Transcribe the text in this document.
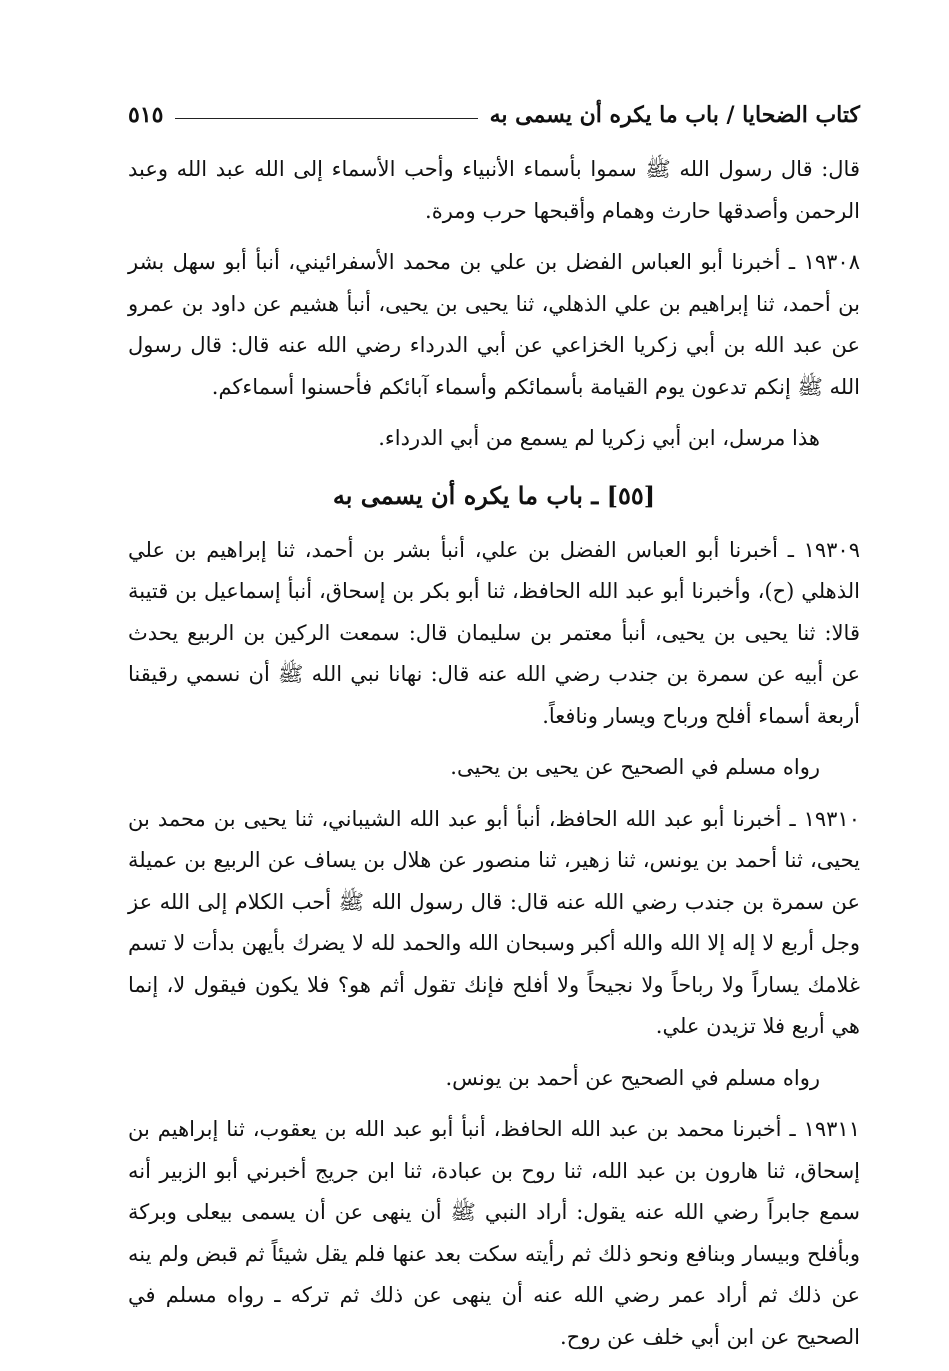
كتاب الضحايا / باب ما يكره أن يسمى به
٥١٥

قال: قال رسول الله ﷺ سموا بأسماء الأنبياء وأحب الأسماء إلى الله عبد الله وعبد الرحمن وأصدقها حارث وهمام وأقبحها حرب ومرة.

١٩٣٠٨ ـ أخبرنا أبو العباس الفضل بن علي بن محمد الأسفرائيني، أنبأ أبو سهل بشر بن أحمد، ثنا إبراهيم بن علي الذهلي، ثنا يحيى بن يحيى، أنبأ هشيم عن داود بن عمرو عن عبد الله بن أبي زكريا الخزاعي عن أبي الدرداء رضي الله عنه قال: قال رسول الله ﷺ إنكم تدعون يوم القيامة بأسمائكم وأسماء آبائكم فأحسنوا أسماءكم.

هذا مرسل، ابن أبي زكريا لم يسمع من أبي الدرداء.

[٥٥] ـ باب ما يكره أن يسمى به

١٩٣٠٩ ـ أخبرنا أبو العباس الفضل بن علي، أنبأ بشر بن أحمد، ثنا إبراهيم بن علي الذهلي (ح)، وأخبرنا أبو عبد الله الحافظ، ثنا أبو بكر بن إسحاق، أنبأ إسماعيل بن قتيبة قالا: ثنا يحيى بن يحيى، أنبأ معتمر بن سليمان قال: سمعت الركين بن الربيع يحدث عن أبيه عن سمرة بن جندب رضي الله عنه قال: نهانا نبي الله ﷺ أن نسمي رقيقنا أربعة أسماء أفلح ورباح ويسار ونافعاً.

رواه مسلم في الصحيح عن يحيى بن يحيى.

١٩٣١٠ ـ أخبرنا أبو عبد الله الحافظ، أنبأ أبو عبد الله الشيباني، ثنا يحيى بن محمد بن يحيى، ثنا أحمد بن يونس، ثنا زهير، ثنا منصور عن هلال بن يساف عن الربيع بن عميلة عن سمرة بن جندب رضي الله عنه قال: قال رسول الله ﷺ أحب الكلام إلى الله عز وجل أربع لا إله إلا الله والله أكبر وسبحان الله والحمد لله لا يضرك بأيهن بدأت لا تسم غلامك يساراً ولا رباحاً ولا نجيحاً ولا أفلح فإنك تقول أثم هو؟ فلا يكون فيقول لا، إنما هي أربع فلا تزيدن علي.

رواه مسلم في الصحيح عن أحمد بن يونس.

١٩٣١١ ـ أخبرنا محمد بن عبد الله الحافظ، أنبأ أبو عبد الله بن يعقوب، ثنا إبراهيم بن إسحاق، ثنا هارون بن عبد الله، ثنا روح بن عبادة، ثنا ابن جريج أخبرني أبو الزبير أنه سمع جابراً رضي الله عنه يقول: أراد النبي ﷺ أن ينهى عن أن يسمى بيعلى وبركة وبأفلح وبيسار وبنافع ونحو ذلك ثم رأيته سكت بعد عنها فلم يقل شيئاً ثم قبض ولم ينه عن ذلك ثم أراد عمر رضي الله عنه أن ينهى عن ذلك ثم تركه ـ رواه مسلم في الصحيح عن ابن أبي خلف عن روح.
